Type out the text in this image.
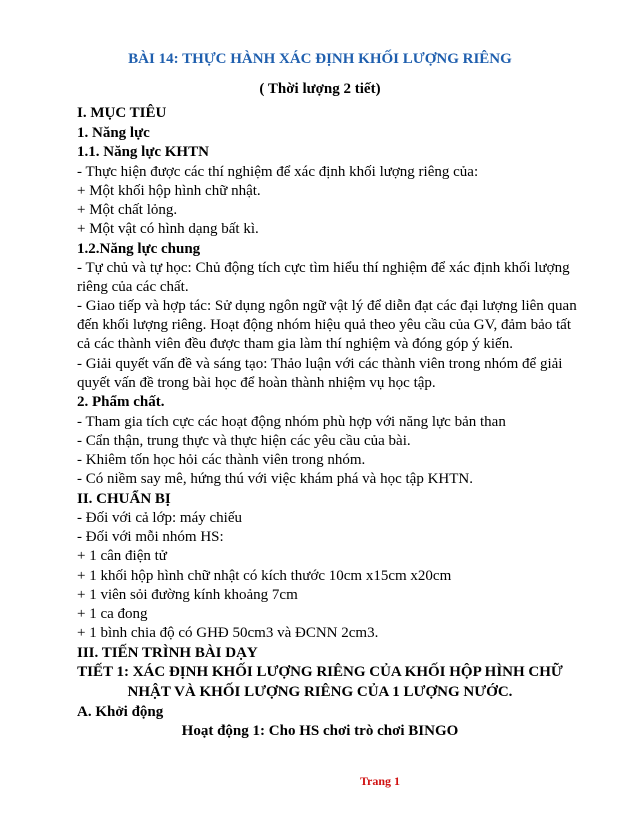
BÀI 14: THỰC HÀNH XÁC ĐỊNH KHỐI LƯỢNG RIÊNG
( Thời lượng 2 tiết)
I. MỤC TIÊU
1. Năng lực
1.1. Năng lực KHTN
- Thực hiện được các thí nghiệm để xác định khối lượng riêng của:
+ Một khối hộp hình chữ nhật.
+ Một chất lỏng.
+ Một vật có hình dạng bất kì.
1.2.Năng lực chung
- Tự chủ và tự học: Chủ động tích cực tìm hiểu thí nghiệm để xác định khối lượng
riêng của các chất.
- Giao tiếp và hợp tác: Sử dụng ngôn ngữ vật lý để diễn đạt các đại lượng liên quan
đến khối lượng riêng. Hoạt động nhóm hiệu quả theo yêu cầu của GV, đảm bảo tất
cả các thành viên đều được tham gia làm thí nghiệm và đóng góp ý kiến.
- Giải quyết vấn đề và sáng tạo: Thảo luận với các thành viên trong nhóm để giải
quyết vấn đề trong bài học để hoàn thành nhiệm vụ học tập.
2. Phẩm chất.
- Tham gia tích cực các hoạt động nhóm phù hợp với năng lực bản than
- Cẩn thận, trung thực và thực hiện các yêu cầu của bài.
- Khiêm tốn học hỏi các thành viên trong nhóm.
- Có niềm say mê, hứng thú với việc khám phá và học tập KHTN.
II. CHUẨN BỊ
- Đối với cả lớp: máy chiếu
- Đối với mỗi nhóm HS:
+ 1 cân điện tử
+ 1 khối hộp hình chữ nhật có kích thước 10cm x15cm x20cm
+ 1 viên sỏi đường kính khoảng 7cm
+ 1 ca đong
+ 1 bình chia độ có GHĐ 50cm3 và ĐCNN 2cm3.
III. TIẾN TRÌNH BÀI DẠY
TIẾT 1: XÁC ĐỊNH KHỐI LƯỢNG RIÊNG CỦA KHỐI HỘP HÌNH CHỮ
NHẬT VÀ KHỐI LƯỢNG RIÊNG CỦA 1 LƯỢNG NƯỚC.
A. Khởi động
Hoạt động 1: Cho HS chơi trò chơi BINGO
Trang 1
